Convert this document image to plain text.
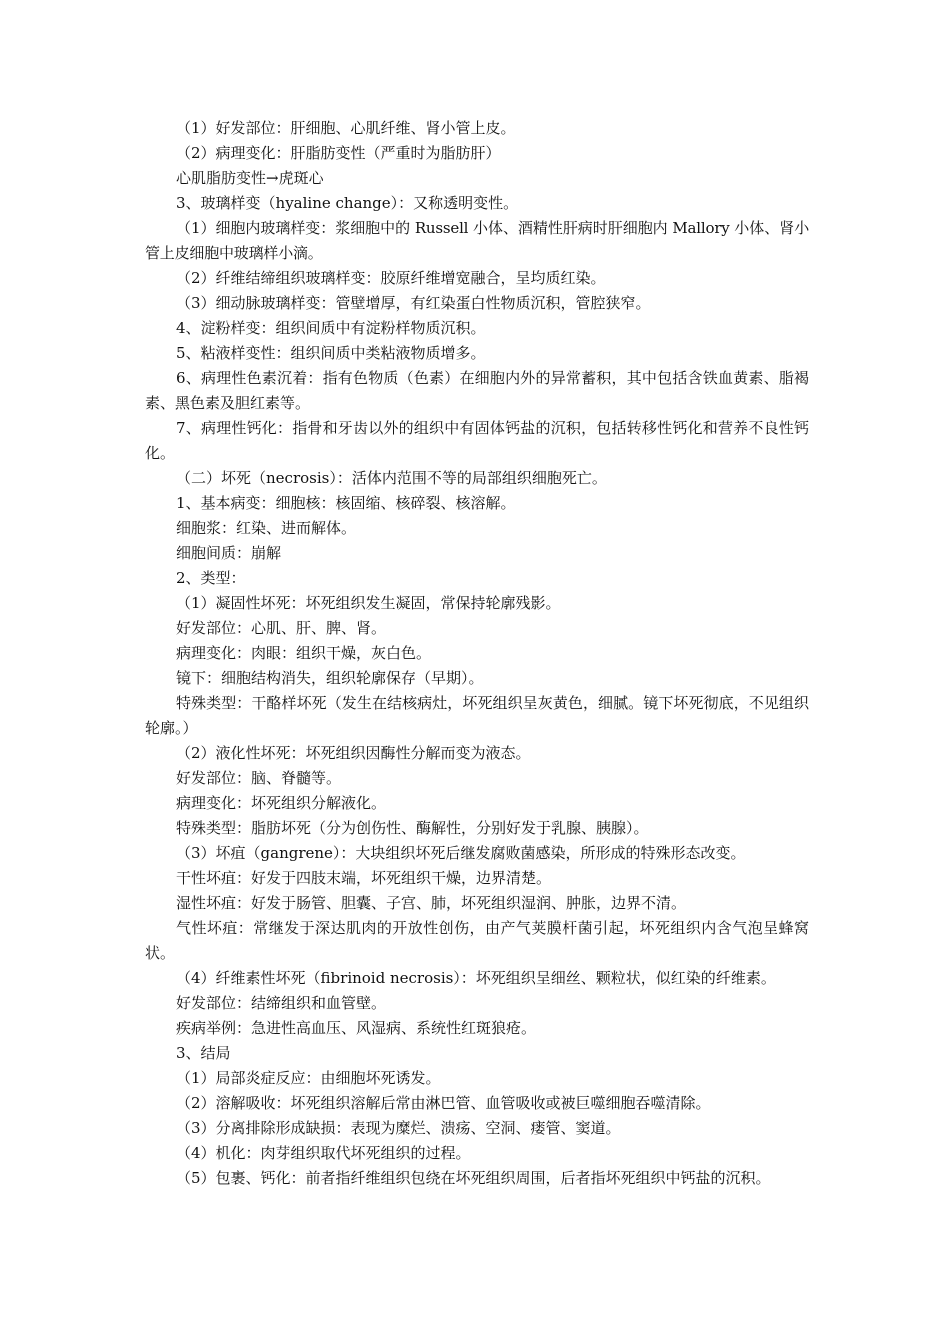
（1）好发部位：肝细胞、心肌纤维、肾小管上皮。

（2）病理变化：肝脂肪变性（严重时为脂肪肝）

心肌脂肪变性→虎斑心

3、玻璃样变（hyaline change）：又称透明变性。

（1）细胞内玻璃样变：浆细胞中的 Russell 小体、酒精性肝病时肝细胞内 Mallory 小体、肾小管上皮细胞中玻璃样小滴。

（2）纤维结缔组织玻璃样变：胶原纤维增宽融合，呈均质红染。

（3）细动脉玻璃样变：管壁增厚，有红染蛋白性物质沉积，管腔狭窄。

4、淀粉样变：组织间质中有淀粉样物质沉积。

5、粘液样变性：组织间质中类粘液物质增多。

6、病理性色素沉着：指有色物质（色素）在细胞内外的异常蓄积，其中包括含铁血黄素、脂褐素、黑色素及胆红素等。

7、病理性钙化：指骨和牙齿以外的组织中有固体钙盐的沉积，包括转移性钙化和营养不良性钙化。

（二）坏死（necrosis）：活体内范围不等的局部组织细胞死亡。

1、基本病变：细胞核：核固缩、核碎裂、核溶解。

细胞浆：红染、进而解体。

细胞间质：崩解

2、类型：

（1）凝固性坏死：坏死组织发生凝固，常保持轮廓残影。

好发部位：心肌、肝、脾、肾。

病理变化：肉眼：组织干燥，灰白色。

镜下：细胞结构消失，组织轮廓保存（早期）。

特殊类型：干酪样坏死（发生在结核病灶，坏死组织呈灰黄色，细腻。镜下坏死彻底，不见组织轮廓。）

（2）液化性坏死：坏死组织因酶性分解而变为液态。

好发部位：脑、脊髓等。

病理变化：坏死组织分解液化。

特殊类型：脂肪坏死（分为创伤性、酶解性，分别好发于乳腺、胰腺）。

（3）坏疽（gangrene）：大块组织坏死后继发腐败菌感染，所形成的特殊形态改变。

干性坏疽：好发于四肢末端，坏死组织干燥，边界清楚。

湿性坏疽：好发于肠管、胆囊、子宫、肺，坏死组织湿润、肿胀，边界不清。

气性坏疽：常继发于深达肌肉的开放性创伤，由产气荚膜杆菌引起，坏死组织内含气泡呈蜂窝状。

（4）纤维素性坏死（fibrinoid necrosis）：坏死组织呈细丝、颗粒状，似红染的纤维素。

好发部位：结缔组织和血管壁。

疾病举例：急进性高血压、风湿病、系统性红斑狼疮。

3、结局

（1）局部炎症反应：由细胞坏死诱发。

（2）溶解吸收：坏死组织溶解后常由淋巴管、血管吸收或被巨噬细胞吞噬清除。

（3）分离排除形成缺损：表现为糜烂、溃疡、空洞、瘘管、窦道。

（4）机化：肉芽组织取代坏死组织的过程。

（5）包裹、钙化：前者指纤维组织包绕在坏死组织周围，后者指坏死组织中钙盐的沉积。
